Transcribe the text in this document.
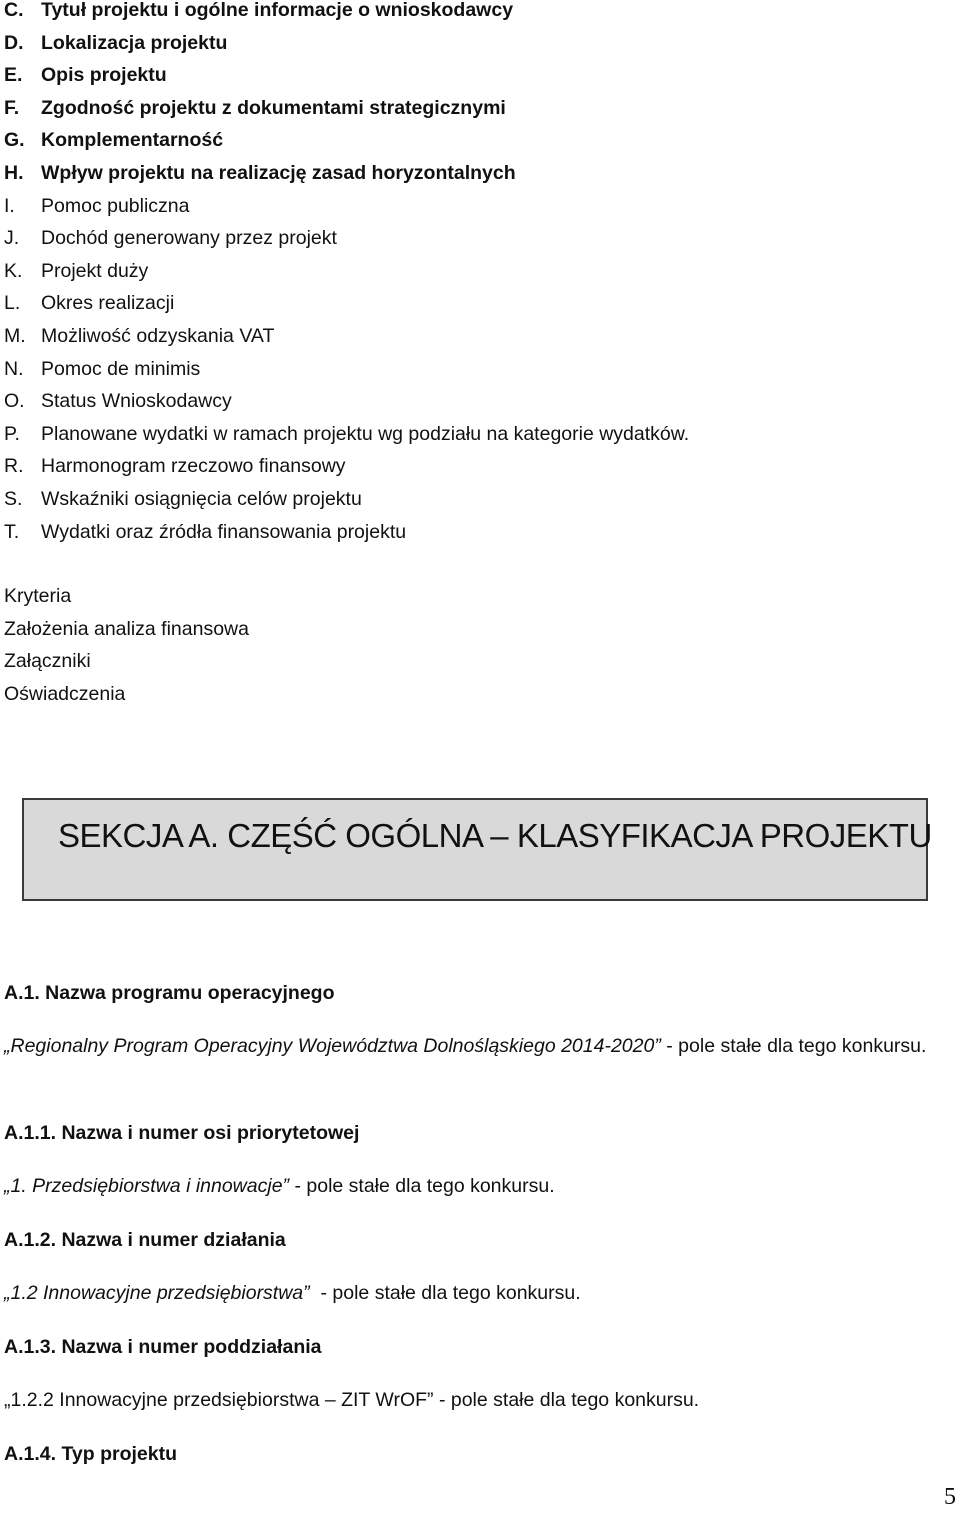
C. Tytuł projektu i ogólne informacje o wnioskodawcy
D. Lokalizacja projektu
E. Opis projektu
F.	Zgodność projektu z dokumentami strategicznymi
G. Komplementarność
H. Wpływ projektu na realizację zasad horyzontalnych
I.	Pomoc publiczna
J.	Dochód generowany przez projekt
K. Projekt duży
L.	Okres realizacji
M. Możliwość odzyskania VAT
N. Pomoc de minimis
O. Status Wnioskodawcy
P.	Planowane wydatki w ramach projektu wg podziału na kategorie wydatków.
R. Harmonogram rzeczowo finansowy
S. Wskaźniki osiągnięcia celów projektu
T.	Wydatki oraz źródła finansowania projektu
Kryteria
Założenia analiza finansowa
Załączniki
Oświadczenia
SEKCJA A. CZĘŚĆ OGÓLNA – KLASYFIKACJA PROJEKTU
A.1. Nazwa programu operacyjnego
„Regionalny Program Operacyjny Województwa Dolnośląskiego 2014-2020” - pole stałe dla tego konkursu.
A.1.1. Nazwa i numer osi priorytetowej
„1. Przedsiębiorstwa i innowacje” - pole stałe dla tego konkursu.
A.1.2. Nazwa i numer działania
„1.2 Innowacyjne przedsiębiorstwa”  - pole stałe dla tego konkursu.
A.1.3. Nazwa i numer poddziałania
„1.2.2 Innowacyjne przedsiębiorstwa – ZIT WrOF” - pole stałe dla tego konkursu.
A.1.4. Typ projektu
5
